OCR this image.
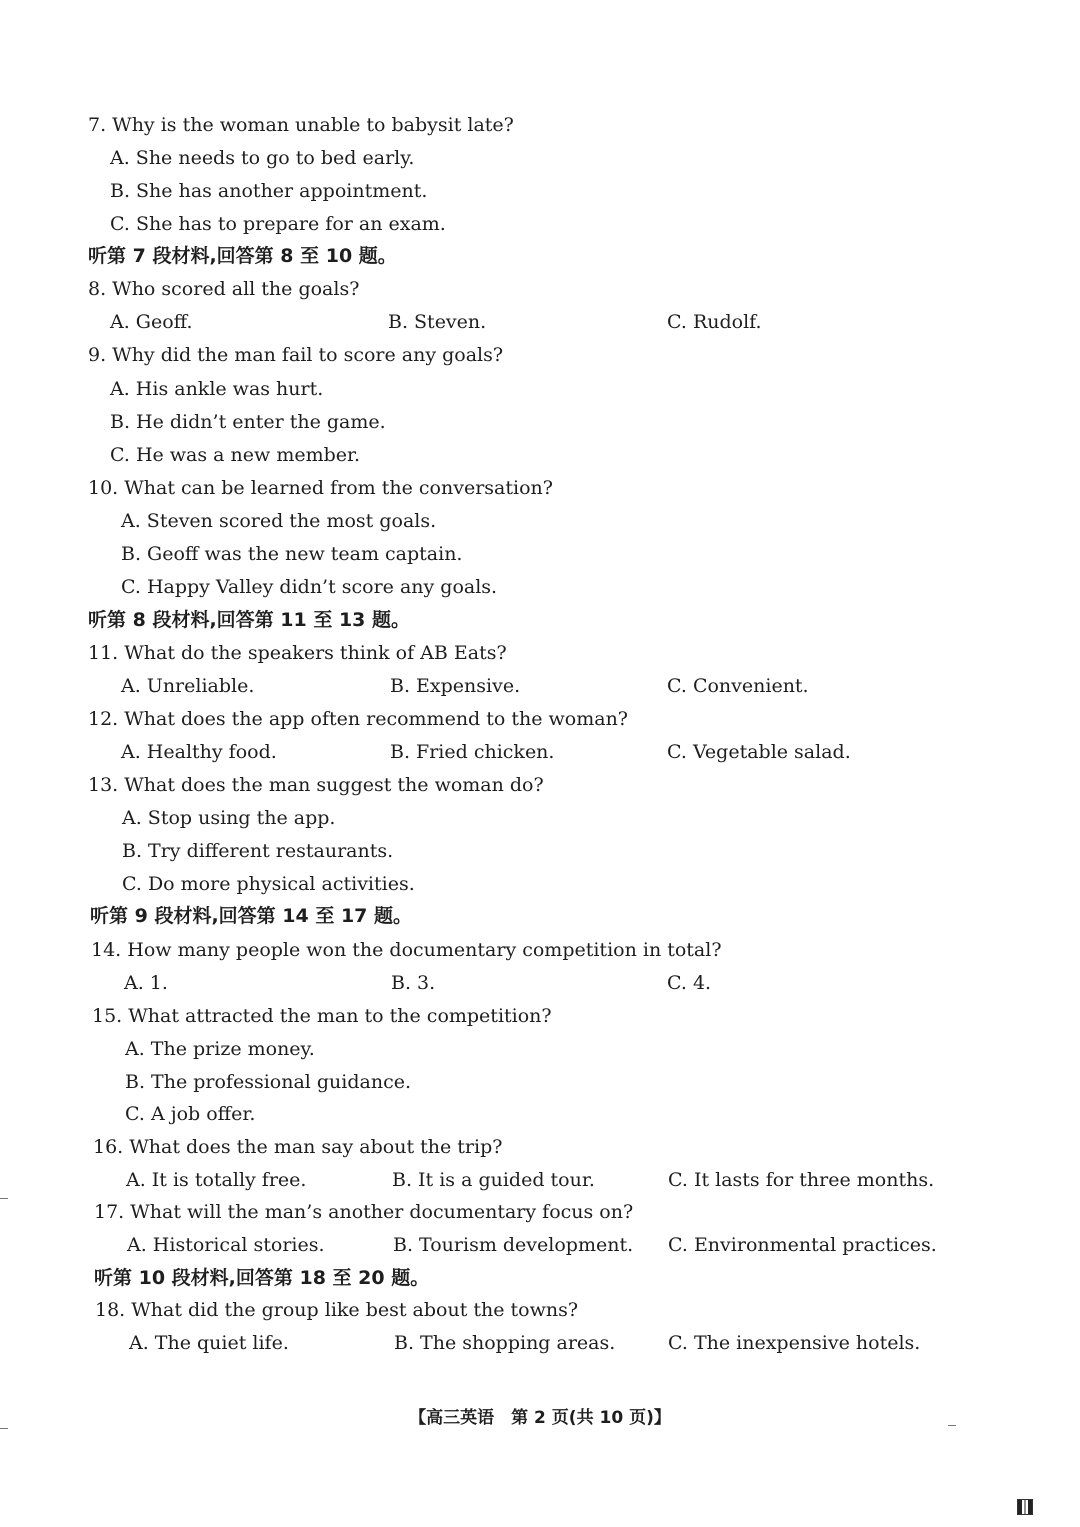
7. Why is the woman unable to babysit late?
A. She needs to go to bed early.
B. She has another appointment.
C. She has to prepare for an exam.
听第 7 段材料,回答第 8 至 10 题。
8. Who scored all the goals?
A. Geoff.	B. Steven.	C. Rudolf.
9. Why did the man fail to score any goals?
A. His ankle was hurt.
B. He didn’t enter the game.
C. He was a new member.
10. What can be learned from the conversation?
A. Steven scored the most goals.
B. Geoff was the new team captain.
C. Happy Valley didn’t score any goals.
听第 8 段材料,回答第 11 至 13 题。
11. What do the speakers think of AB Eats?
A. Unreliable.	B. Expensive.	C. Convenient.
12. What does the app often recommend to the woman?
A. Healthy food.	B. Fried chicken.	C. Vegetable salad.
13. What does the man suggest the woman do?
A. Stop using the app.
B. Try different restaurants.
C. Do more physical activities.
听第 9 段材料,回答第 14 至 17 题。
14. How many people won the documentary competition in total?
A. 1.	B. 3.	C. 4.
15. What attracted the man to the competition?
A. The prize money.
B. The professional guidance.
C. A job offer.
16. What does the man say about the trip?
A. It is totally free.	B. It is a guided tour.	C. It lasts for three months.
17. What will the man’s another documentary focus on?
A. Historical stories.	B. Tourism development. C. Environmental practices.
听第 10 段材料,回答第 18 至 20 题。
18. What did the group like best about the towns?
A. The quiet life.	B. The shopping areas.	C. The inexpensive hotels.
【高三英语　第 2 页(共 10 页)】
